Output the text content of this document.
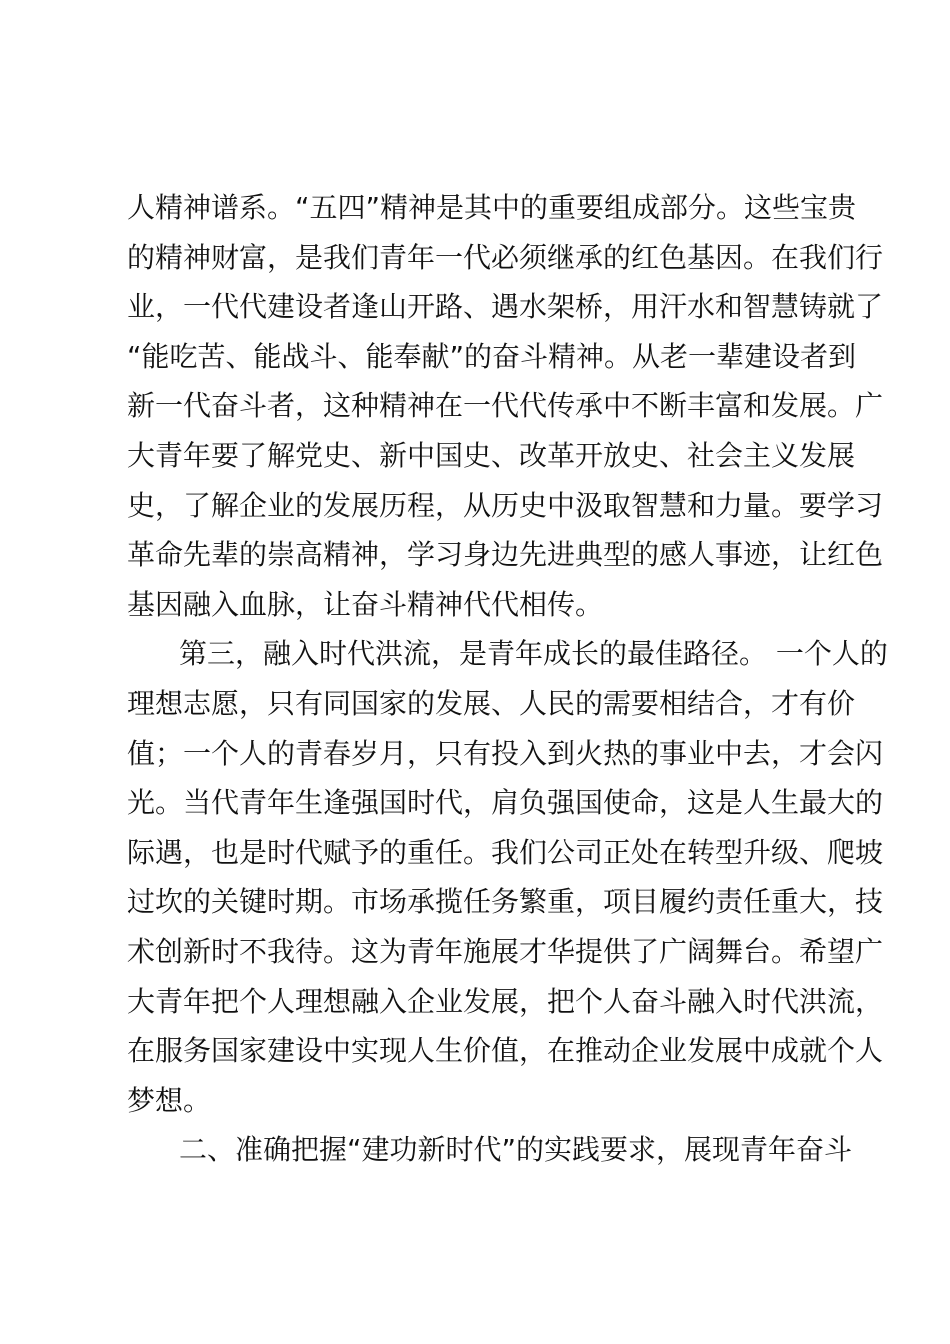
人精神谱系。“五四”精神是其中的重要组成部分。这些宝贵
的精神财富，是我们青年一代必须继承的红色基因。在我们行
业，一代代建设者逢山开路、遇水架桥，用汗水和智慧铸就了
“能吃苦、能战斗、能奉献”的奋斗精神。从老一辈建设者到
新一代奋斗者，这种精神在一代代传承中不断丰富和发展。广
大青年要了解党史、新中国史、改革开放史、社会主义发展
史，了解企业的发展历程，从历史中汲取智慧和力量。要学习
革命先辈的崇高精神，学习身边先进典型的感人事迹，让红色
基因融入血脉，让奋斗精神代代相传。
第三，融入时代洪流，是青年成长的最佳路径。 一个人的
理想志愿，只有同国家的发展、人民的需要相结合，才有价
值；一个人的青春岁月，只有投入到火热的事业中去，才会闪
光。当代青年生逢强国时代，肩负强国使命，这是人生最大的
际遇，也是时代赋予的重任。我们公司正处在转型升级、爬坡
过坎的关键时期。市场承揽任务繁重，项目履约责任重大，技
术创新时不我待。这为青年施展才华提供了广阔舞台。希望广
大青年把个人理想融入企业发展，把个人奋斗融入时代洪流，
在服务国家建设中实现人生价值，在推动企业发展中成就个人
梦想。
二、准确把握“建功新时代”的实践要求，展现青年奋斗
